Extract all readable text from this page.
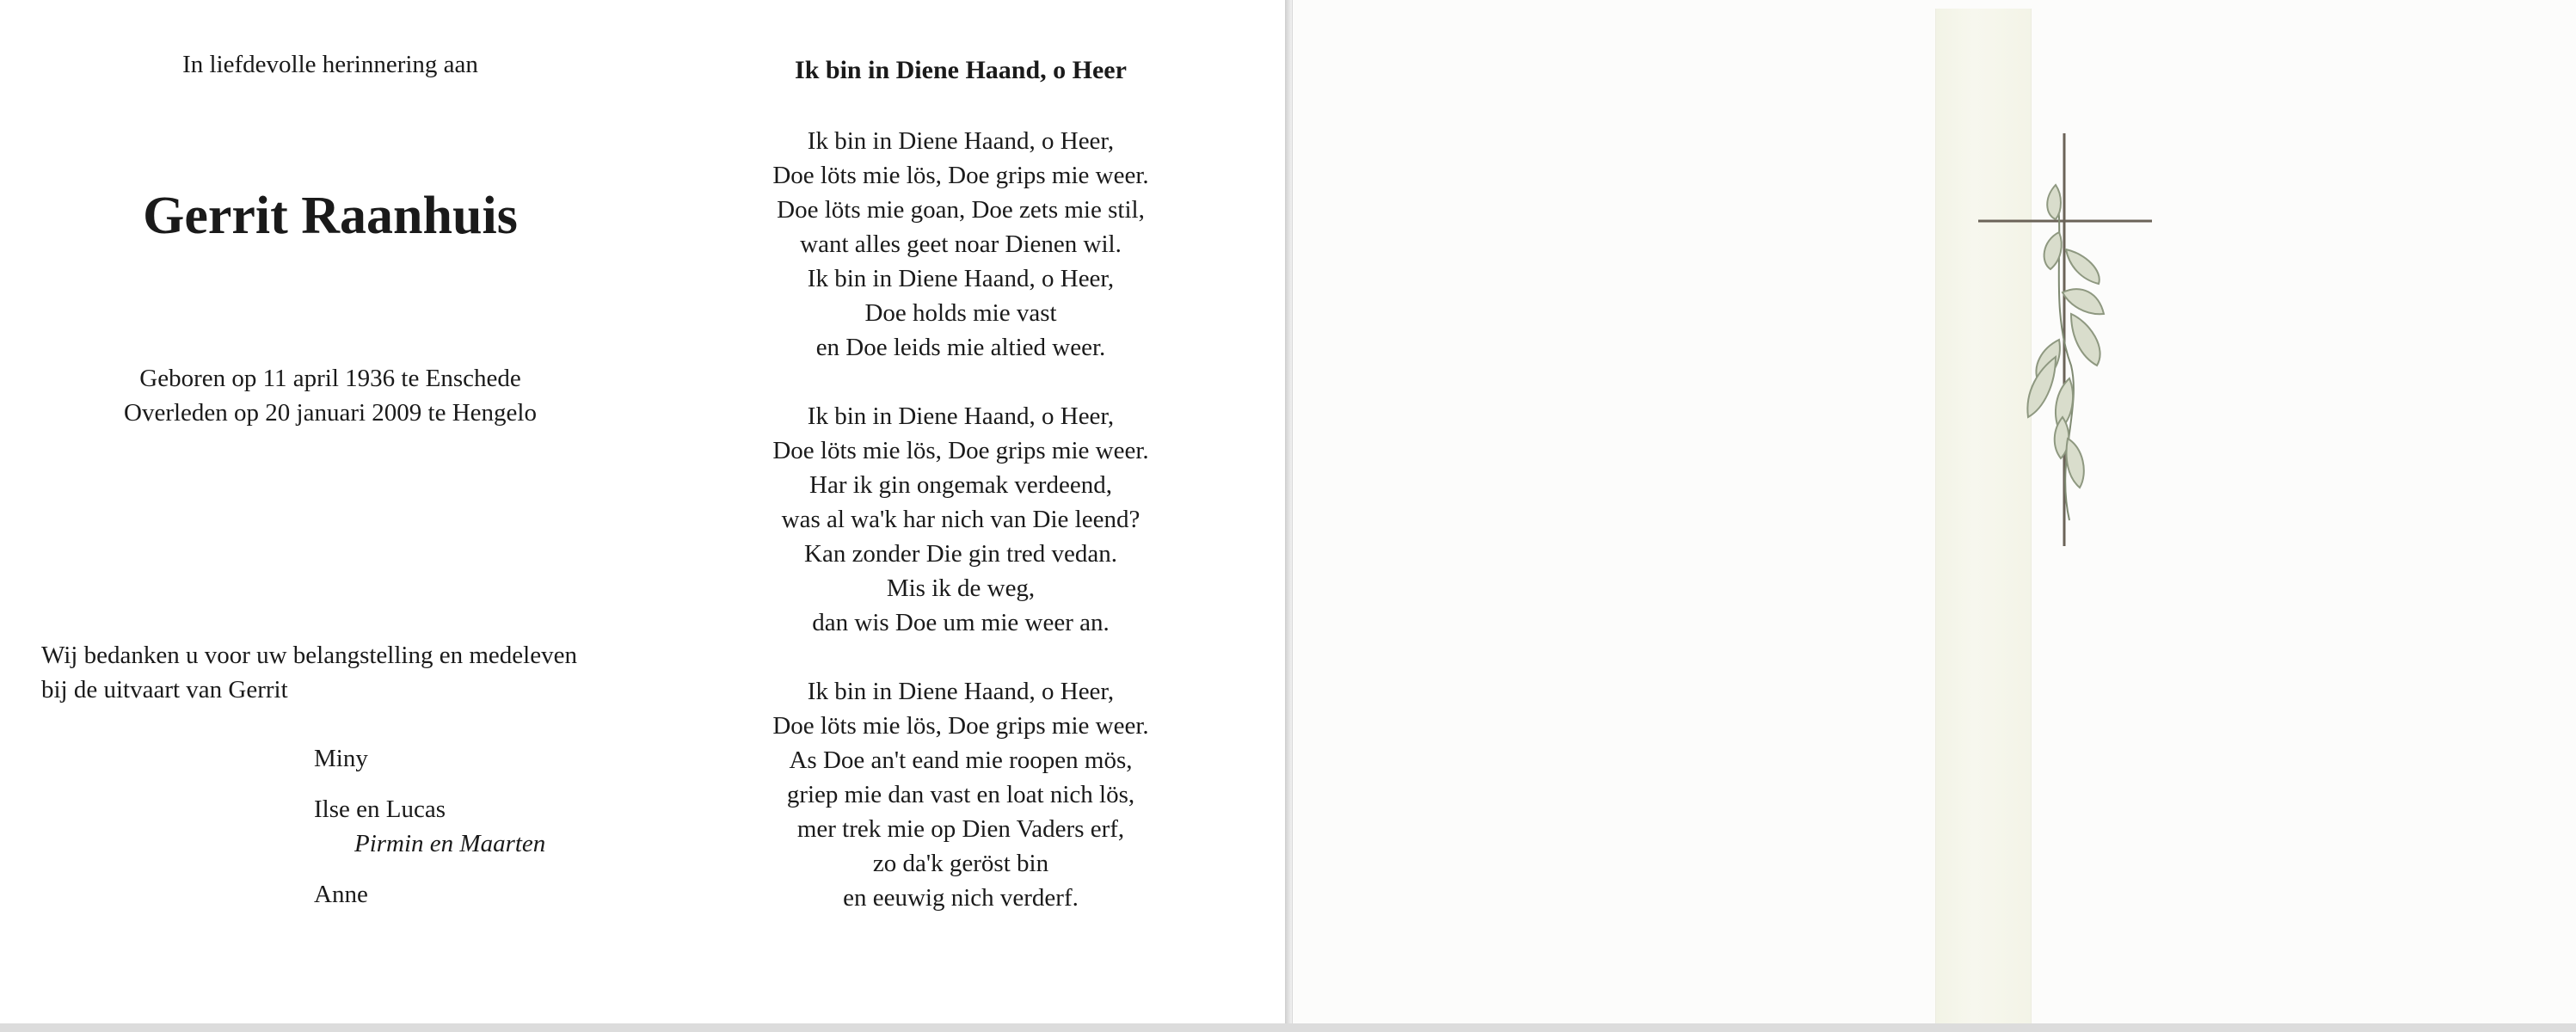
In liefdevolle herinnering aan
Gerrit Raanhuis
Geboren op 11 april 1936 te Enschede
Overleden op 20 januari 2009 te Hengelo
Wij bedanken u voor uw belangstelling en medeleven
bij de uitvaart van Gerrit
Miny
Ilse en Lucas
Pirmin en Maarten
Anne
Ik bin in Diene Haand, o Heer
Ik bin in Diene Haand, o Heer,
Doe löts mie lös, Doe grips mie weer.
Doe löts mie goan, Doe zets mie stil,
want alles geet noar Dienen wil.
Ik bin in Diene Haand, o Heer,
Doe holds mie vast
en Doe leids mie altied weer.
Ik bin in Diene Haand, o Heer,
Doe löts mie lös, Doe grips mie weer.
Har ik gin ongemak verdeend,
was al wa'k har nich van Die leend?
Kan zonder Die gin tred vedan.
Mis ik de weg,
dan wis Doe um mie weer an.
Ik bin in Diene Haand, o Heer,
Doe löts mie lös, Doe grips mie weer.
As Doe an't eand mie roopen mös,
griep mie dan vast en loat nich lös,
mer trek mie op Dien Vaders erf,
zo da'k geröst bin
en eeuwig nich verderf.
